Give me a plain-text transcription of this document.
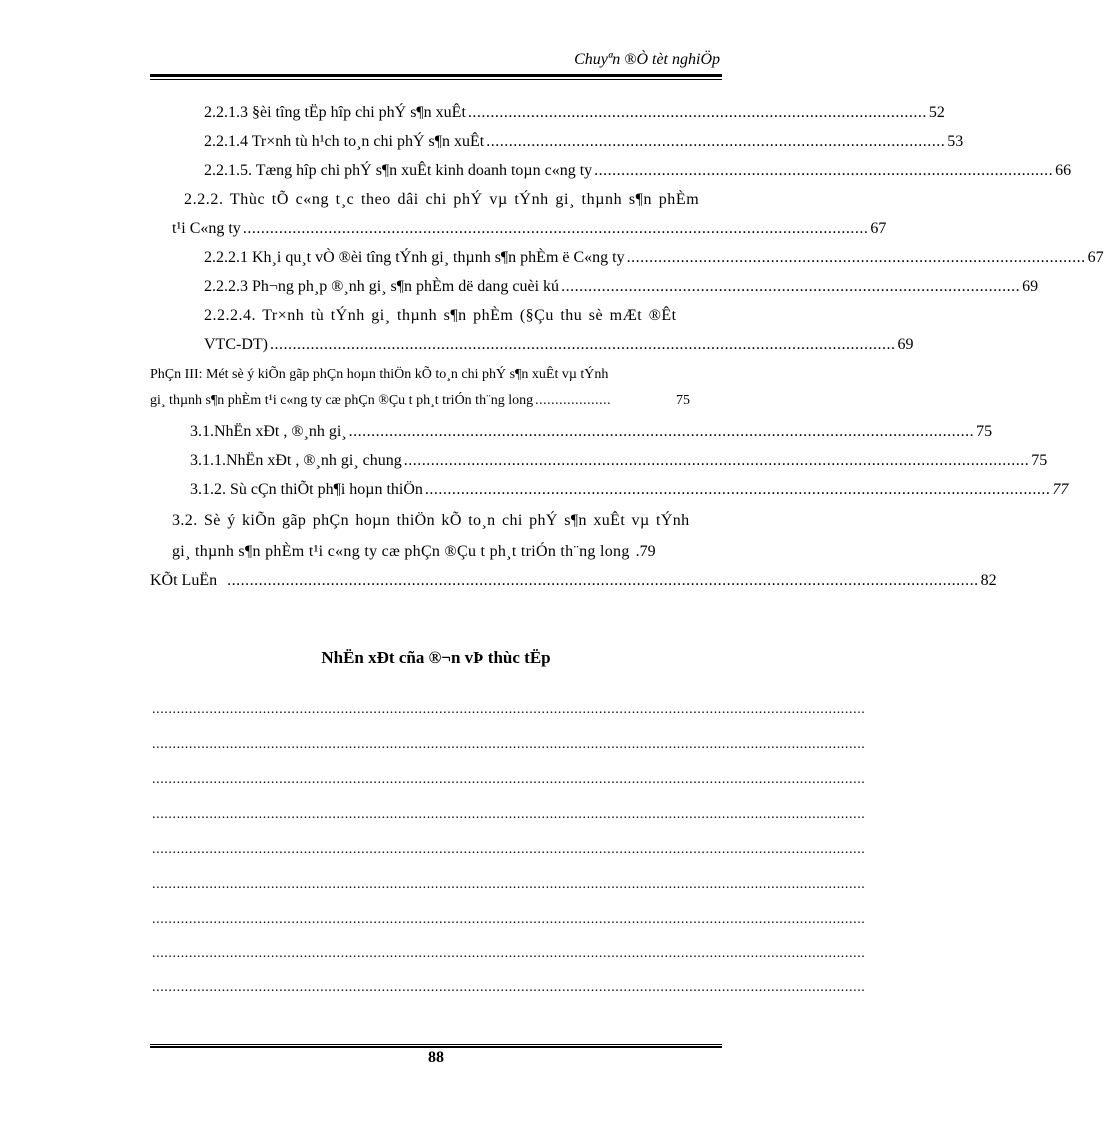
Chuyªn ®Ò tèt nghiÖp
2.2.1.3 §èi tîng tËp hîp chi phÝ s¶n xuÊt ...................................................................................................... 52
2.2.1.4 Tr×nh tù h¹ch to¸n chi phÝ s¶n xuÊt ...................................................................................................... 53
2.2.1.5. Tæng hîp chi phÝ s¶n xuÊt kinh doanh toµn c«ng ty ...................................................................................................... 66
2.2.2. Thùc tÕ c«ng t¸c theo dâi chi phÝ vµ tÝnh gi¸ thµnh s¶n phÈm
t¹i C«ng ty ........................................................................................................................................... 67
2.2.2.1 Kh¸i qu¸t vÒ ®èi tîng tÝnh gi¸ thµnh s¶n phÈm ë C«ng ty ...................................................................................................... 67
2.2.2.3 Ph¬ng ph¸p ®¸nh gi¸ s¶n phÈm dë dang cuèi kú ...................................................................................................... 69
2.2.2.4. Tr×nh tù tÝnh gi¸ thµnh s¶n phÈm (§Çu thu sè mÆt ®Êt
VTC-DT) ........................................................................................................................................... 69
PhÇn III: Mét sè ý kiÕn gãp phÇn hoµn thiÖn kÕ to¸n chi phÝ s¶n xuÊt vµ tÝnh
gi¸ thµnh s¶n phÈm t¹i c«ng ty cæ phÇn ®Çu t ph¸t triÓn th¨ng long ...................	75
3.1.NhËn xÐt , ®¸nh gi¸ ........................................................................................................................................... 75
3.1.1.NhËn xÐt , ®¸nh gi¸ chung ........................................................................................................................................... 75
3.1.2. Sù cÇn thiÕt ph¶i hoµn thiÖn ........................................................................................................................................... 77
3.2. Sè ý kiÕn gãp phÇn hoµn thiÖn kÕ to¸n chi phÝ s¶n xuÊt vµ tÝnh
gi¸ thµnh s¶n phÈm t¹i c«ng ty cæ phÇn ®Çu t ph¸t triÓn th¨ng long .79
KÕt LuËn ....................................................................................................................................................................... 82
NhËn xÐt cña ®¬n vÞ thùc tËp
..............................................................................................................................................................................
..............................................................................................................................................................................
..............................................................................................................................................................................
..............................................................................................................................................................................
..............................................................................................................................................................................
..............................................................................................................................................................................
..............................................................................................................................................................................
..............................................................................................................................................................................
..............................................................................................................................................................................
88
